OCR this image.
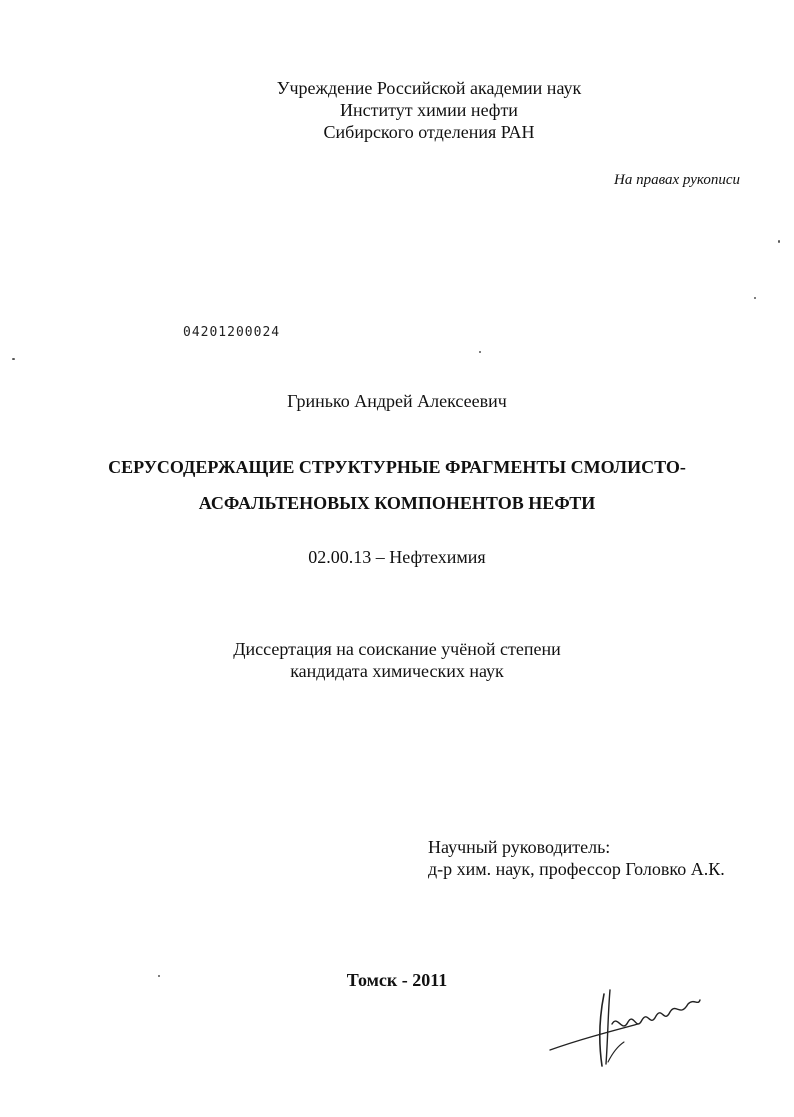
Учреждение Российской академии наук
Институт химии нефти
Сибирского отделения РАН
На правах рукописи
04201200024
Гринько Андрей Алексеевич
СЕРУСОДЕРЖАЩИЕ СТРУКТУРНЫЕ ФРАГМЕНТЫ СМОЛИСТО-
АСФАЛЬТЕНОВЫХ КОМПОНЕНТОВ НЕФТИ
02.00.13 – Нефтехимия
Диссертация на соискание учёной степени
кандидата химических наук
Научный руководитель:
д-р хим. наук, профессор Головко А.К.
Томск - 2011
